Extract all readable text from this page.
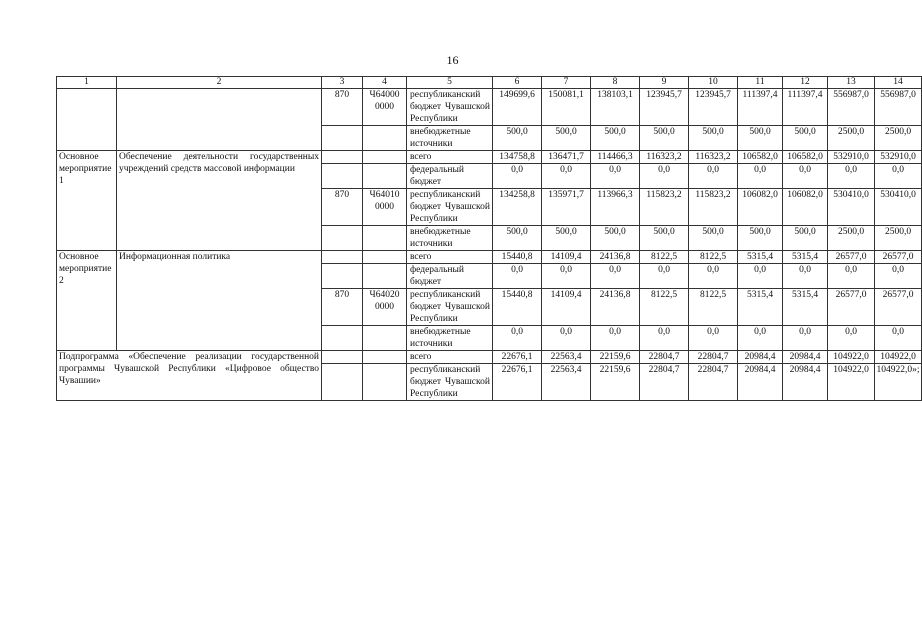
16
1	2	3	4	5	6	7	8	9	10	11	12	13	14
		870	Ч64000 0000	республиканский бюджет Чувашской Республики	149699,6	150081,1	138103,1	123945,7	123945,7	111397,4	111397,4	556987,0	556987,0
				внебюджетные источники	500,0	500,0	500,0	500,0	500,0	500,0	500,0	2500,0	2500,0
Основное мероприятие 1	Обеспечение деятельности государственных учреждений средств массовой информации			всего	134758,8	136471,7	114466,3	116323,2	116323,2	106582,0	106582,0	532910,0	532910,0
				федеральный бюджет	0,0	0,0	0,0	0,0	0,0	0,0	0,0	0,0	0,0
		870	Ч64010 0000	республиканский бюджет Чувашской Республики	134258,8	135971,7	113966,3	115823,2	115823,2	106082,0	106082,0	530410,0	530410,0
				внебюджетные источники	500,0	500,0	500,0	500,0	500,0	500,0	500,0	2500,0	2500,0
Основное мероприятие 2	Информационная политика			всего	15440,8	14109,4	24136,8	8122,5	8122,5	5315,4	5315,4	26577,0	26577,0
				федеральный бюджет	0,0	0,0	0,0	0,0	0,0	0,0	0,0	0,0	0,0
		870	Ч64020 0000	республиканский бюджет Чувашской Республики	15440,8	14109,4	24136,8	8122,5	8122,5	5315,4	5315,4	26577,0	26577,0
				внебюджетные источники	0,0	0,0	0,0	0,0	0,0	0,0	0,0	0,0	0,0
Подпрограмма «Обеспечение реализации государственной программы Чувашской Республики «Цифровое общество Чувашии»				всего	22676,1	22563,4	22159,6	22804,7	22804,7	20984,4	20984,4	104922,0	104922,0
				республиканский бюджет Чувашской Республики	22676,1	22563,4	22159,6	22804,7	22804,7	20984,4	20984,4	104922,0	104922,0»;
